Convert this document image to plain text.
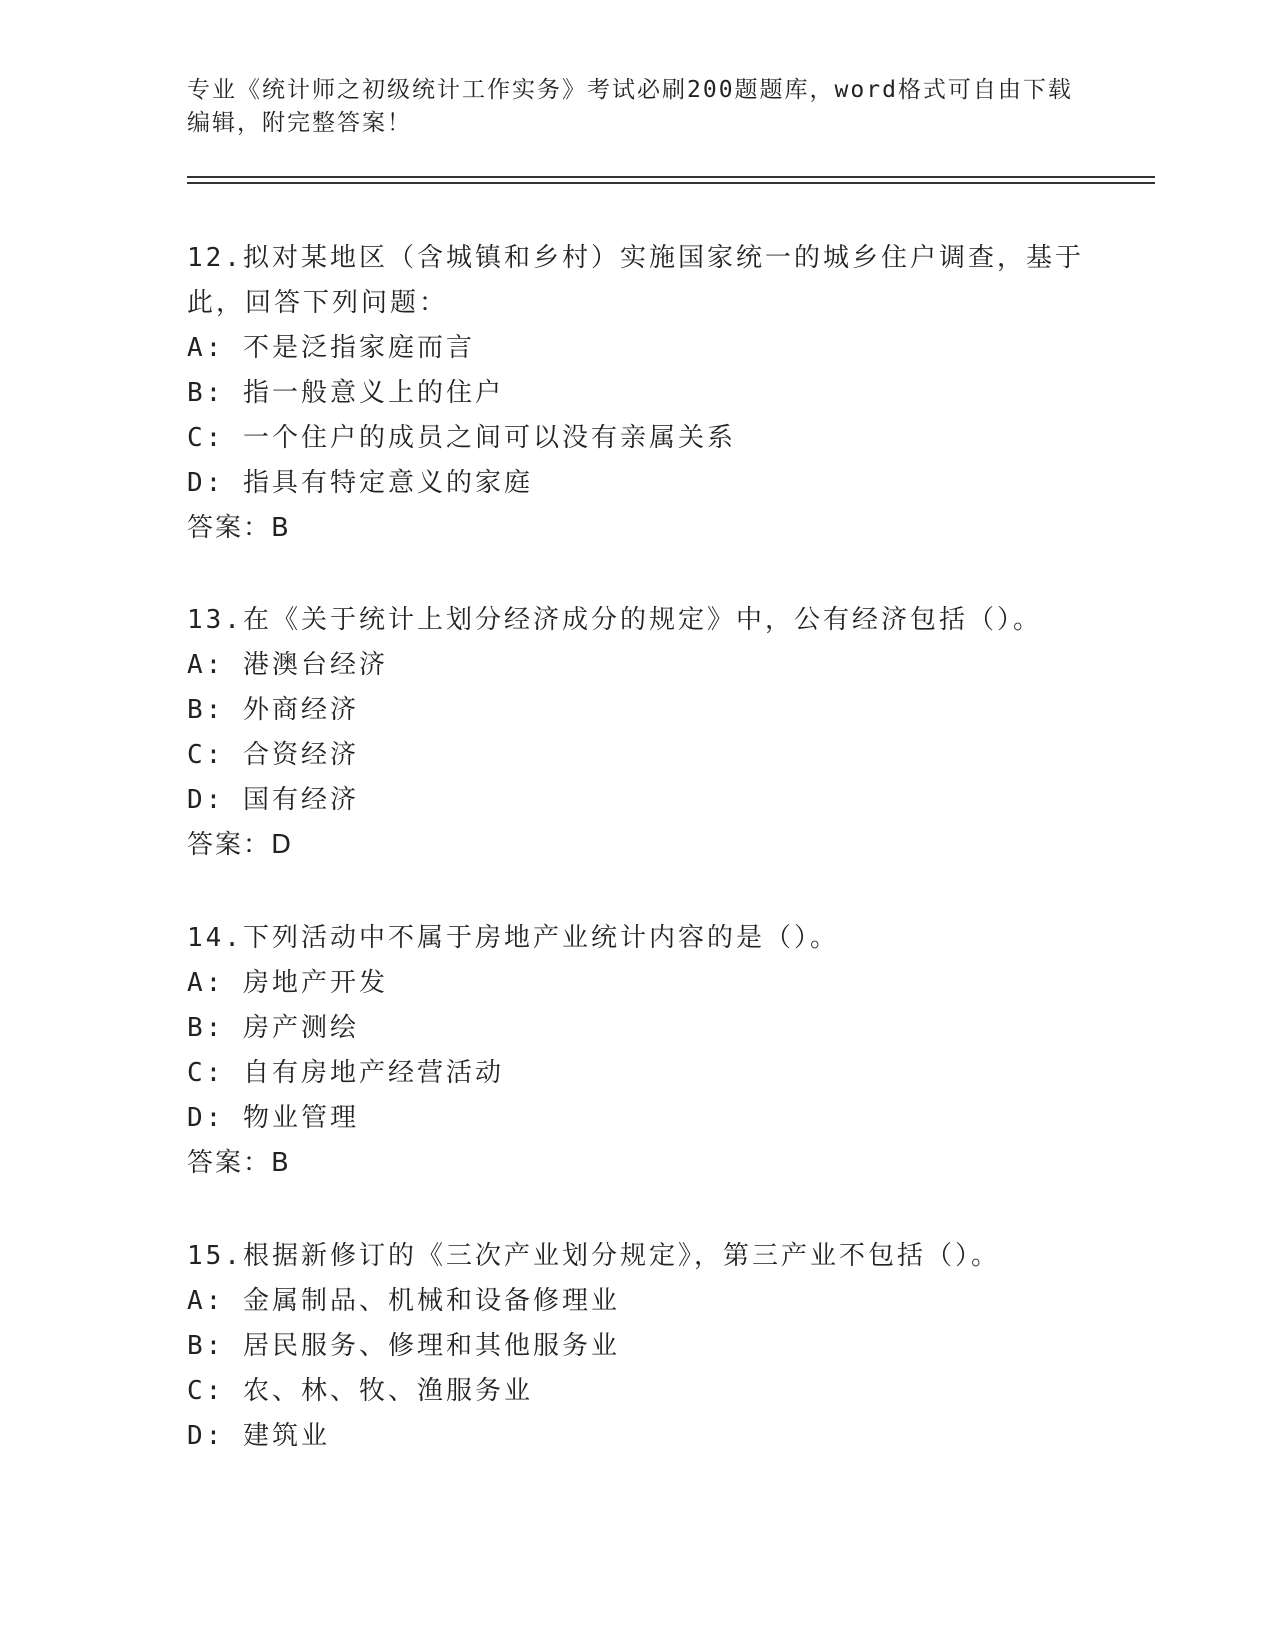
专业《统计师之初级统计工作实务》考试必刷200题题库，word格式可自由下载编辑，附完整答案！
12.拟对某地区（含城镇和乡村）实施国家统一的城乡住户调查，基于此，回答下列问题：
A: 不是泛指家庭而言
B: 指一般意义上的住户
C: 一个住户的成员之间可以没有亲属关系
D: 指具有特定意义的家庭
答案：B
13.在《关于统计上划分经济成分的规定》中，公有经济包括（）。
A: 港澳台经济
B: 外商经济
C: 合资经济
D: 国有经济
答案：D
14.下列活动中不属于房地产业统计内容的是（）。
A: 房地产开发
B: 房产测绘
C: 自有房地产经营活动
D: 物业管理
答案：B
15.根据新修订的《三次产业划分规定》，第三产业不包括（）。
A: 金属制品、机械和设备修理业
B: 居民服务、修理和其他服务业
C: 农、林、牧、渔服务业
D: 建筑业
